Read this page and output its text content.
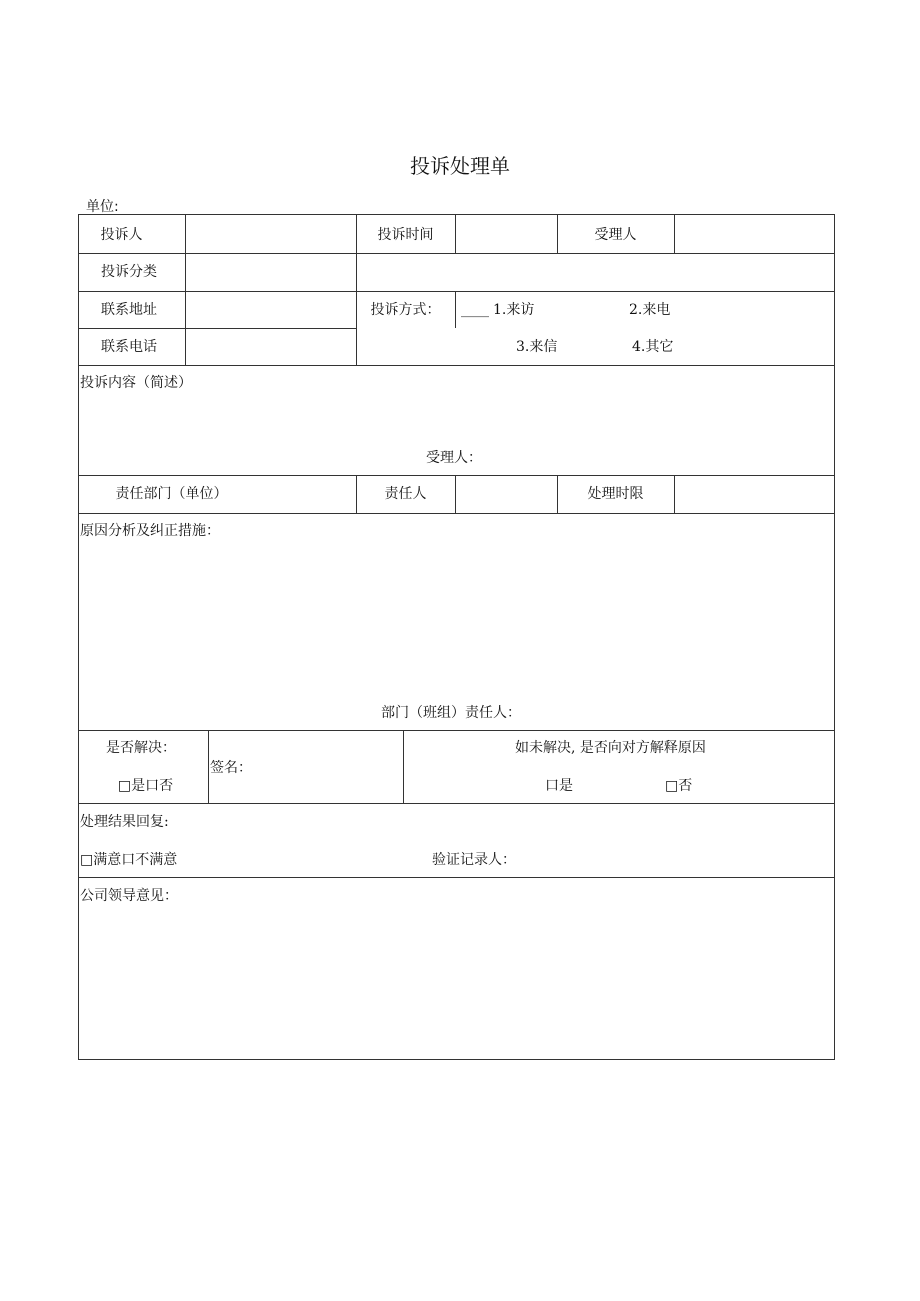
投诉处理单
单位:
投诉人	投诉时间	受理人
投诉分类
联系地址	投诉方式：	____ 1.来访	2.来电
联系电话	3.来信	4.其它
投诉内容（简述）
受理人：
责任部门（单位）	责任人	处理时限
原因分析及纠正措施：
部门（班组）责任人：
是否解决：
□是口否
签名：
如未解决, 是否向对方解释原因
口是	□否
处理结果回复:
□满意口不满意	验证记录人：
公司领导意见：
